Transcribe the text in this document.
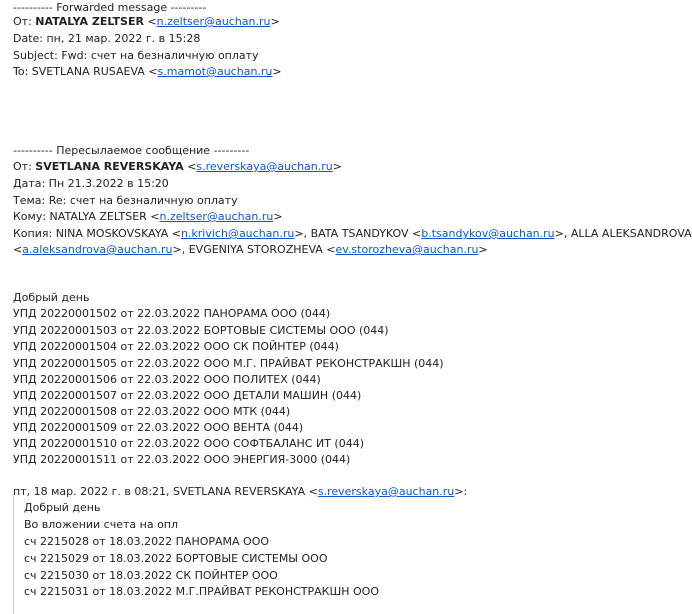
---------- Forwarded message ---------
От: NATALYA ZELTSER <n.zeltser@auchan.ru>
Date: пн, 21 мар. 2022 г. в 15:28
Subject: Fwd: счет на безналичную оплату
To: SVETLANA RUSAEVA <s.mamot@auchan.ru>
---------- Пересылаемое сообщение ---------
От: SVETLANA REVERSKAYA <s.reverskaya@auchan.ru>
Дата: Пн 21.3.2022 в 15:20
Тема: Re: счет на безналичную оплату
Кому: NATALYA ZELTSER <n.zeltser@auchan.ru>
Копия: NINA MOSKOVSKAYA <n.krivich@auchan.ru>, BATA TSANDYKOV <b.tsandykov@auchan.ru>, ALLA ALEKSANDROVA
<a.aleksandrova@auchan.ru>, EVGENIYA STOROZHEVA <ev.storozheva@auchan.ru>
Добрый день
УПД 20220001502 от 22.03.2022 ПАНОРАМА ООО (044)
УПД 20220001503 от 22.03.2022 БОРТОВЫЕ СИСТЕМЫ ООО (044)
УПД 20220001504 от 22.03.2022 ООО СК ПОЙНТЕР (044)
УПД 20220001505 от 22.03.2022 ООО М.Г. ПРАЙВАТ РЕКОНСТРАКШН (044)
УПД 20220001506 от 22.03.2022 ООО ПОЛИТЕХ (044)
УПД 20220001507 от 22.03.2022 ООО ДЕТАЛИ МАШИН (044)
УПД 20220001508 от 22.03.2022 ООО МТК (044)
УПД 20220001509 от 22.03.2022 ООО ВЕНТА (044)
УПД 20220001510 от 22.03.2022 ООО СОФТБАЛАНС ИТ (044)
УПД 20220001511 от 22.03.2022 ООО ЭНЕРГИЯ-3000 (044)
пт, 18 мар. 2022 г. в 08:21, SVETLANA REVERSKAYA <s.reverskaya@auchan.ru>:
Добрый день
Во вложении счета на опл
сч 2215028 от 18.03.2022 ПАНОРАМА ООО
сч 2215029 от 18.03.2022 БОРТОВЫЕ СИСТЕМЫ ООО
сч 2215030 от 18.03.2022 СК ПОЙНТЕР ООО
сч 2215031 от 18.03.2022 М.Г.ПРАЙВАТ РЕКОНСТРАКШН ООО
